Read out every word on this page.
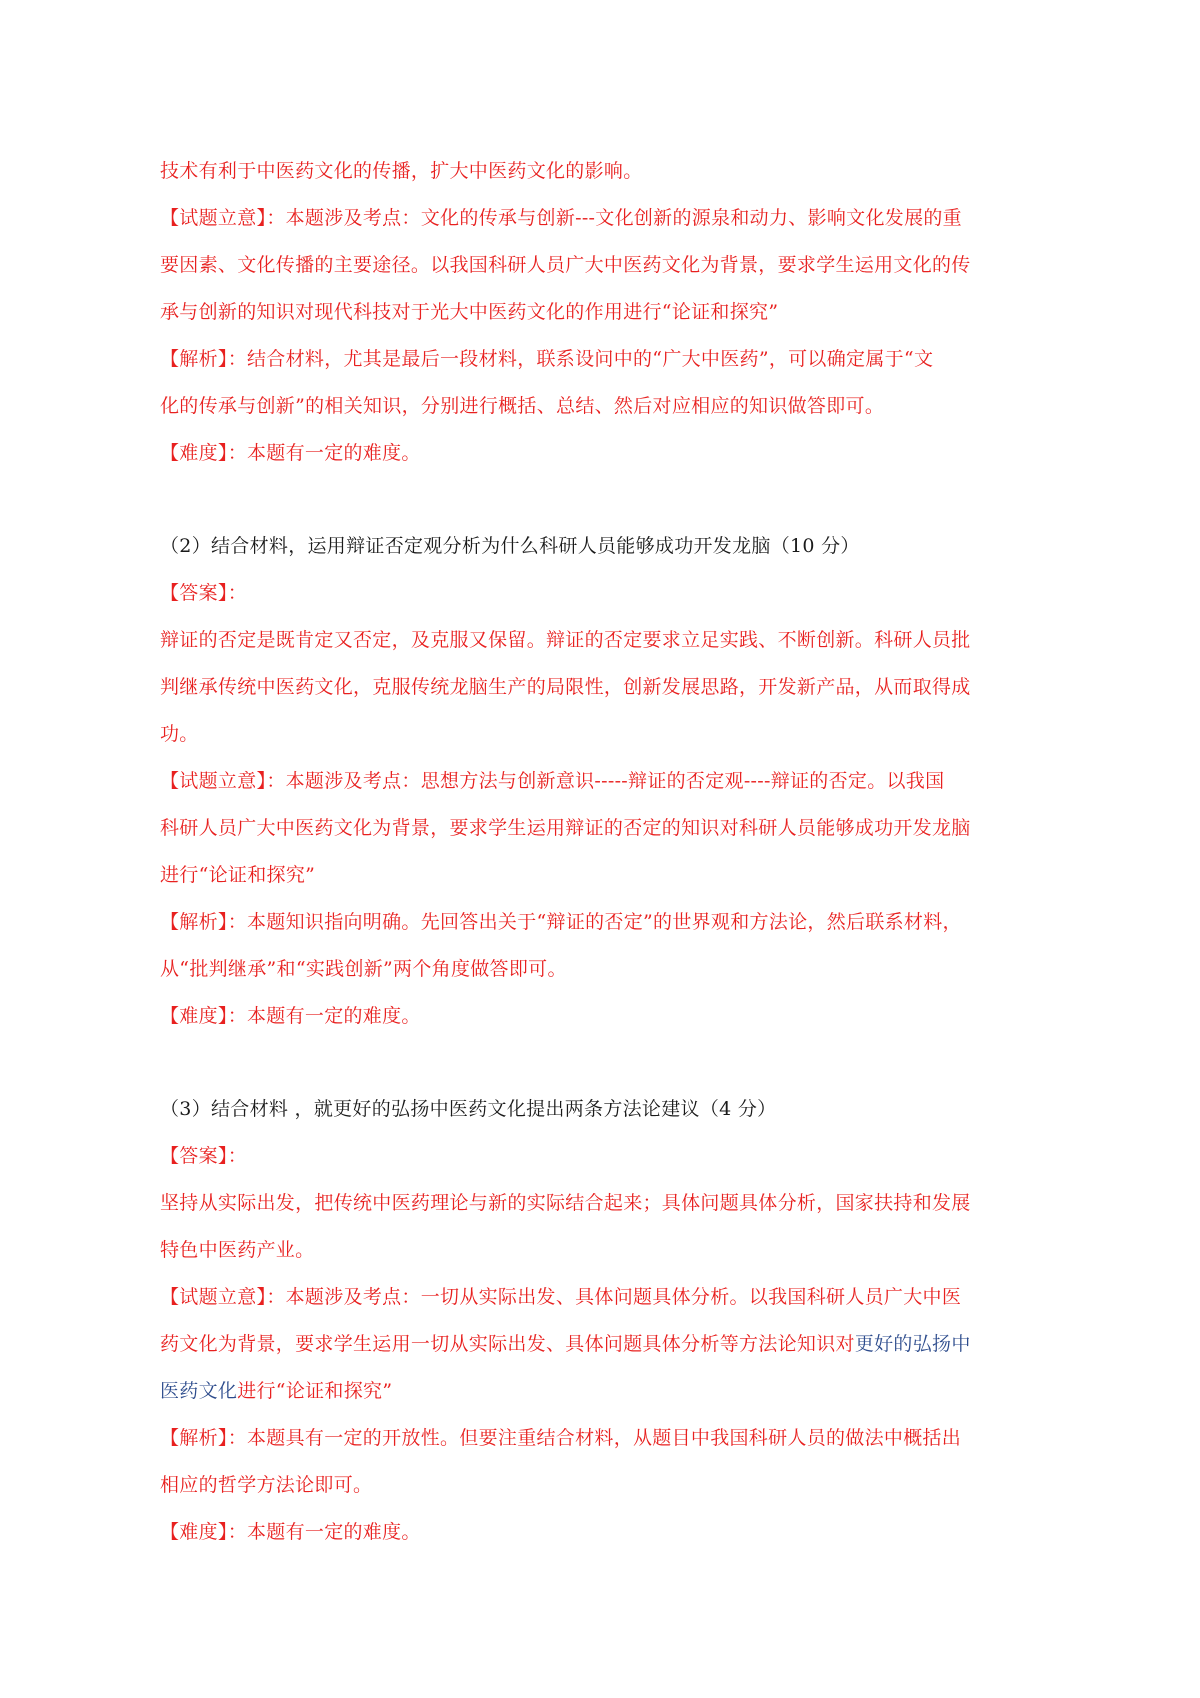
技术有利于中医药文化的传播，扩大中医药文化的影响。
【试题立意】：本题涉及考点：文化的传承与创新---文化创新的源泉和动力、影响文化发展的重
要因素、文化传播的主要途径。以我国科研人员广大中医药文化为背景，要求学生运用文化的传
承与创新的知识对现代科技对于光大中医药文化的作用进行“论证和探究”
【解析】：结合材料，尤其是最后一段材料，联系设问中的“广大中医药”，可以确定属于“文
化的传承与创新”的相关知识，分别进行概括、总结、然后对应相应的知识做答即可。
【难度】：本题有一定的难度。
（2）结合材料，运用辩证否定观分析为什么科研人员能够成功开发龙脑（10 分）
【答案】：
辩证的否定是既肯定又否定，及克服又保留。辩证的否定要求立足实践、不断创新。科研人员批
判继承传统中医药文化，克服传统龙脑生产的局限性，创新发展思路，开发新产品，从而取得成
功。
【试题立意】：本题涉及考点：思想方法与创新意识-----辩证的否定观----辩证的否定。以我国
科研人员广大中医药文化为背景，要求学生运用辩证的否定的知识对科研人员能够成功开发龙脑
进行“论证和探究”
【解析】：本题知识指向明确。先回答出关于“辩证的否定”的世界观和方法论，然后联系材料，
从“批判继承”和“实践创新”两个角度做答即可。
【难度】：本题有一定的难度。
（3）结合材料 ，就更好的弘扬中医药文化提出两条方法论建议（4 分）
【答案】：
坚持从实际出发，把传统中医药理论与新的实际结合起来；具体问题具体分析，国家扶持和发展
特色中医药产业。
【试题立意】：本题涉及考点：一切从实际出发、具体问题具体分析。以我国科研人员广大中医
药文化为背景，要求学生运用一切从实际出发、具体问题具体分析等方法论知识对更好的弘扬中
医药文化进行“论证和探究”
【解析】：本题具有一定的开放性。但要注重结合材料，从题目中我国科研人员的做法中概括出
相应的哲学方法论即可。
【难度】：本题有一定的难度。
